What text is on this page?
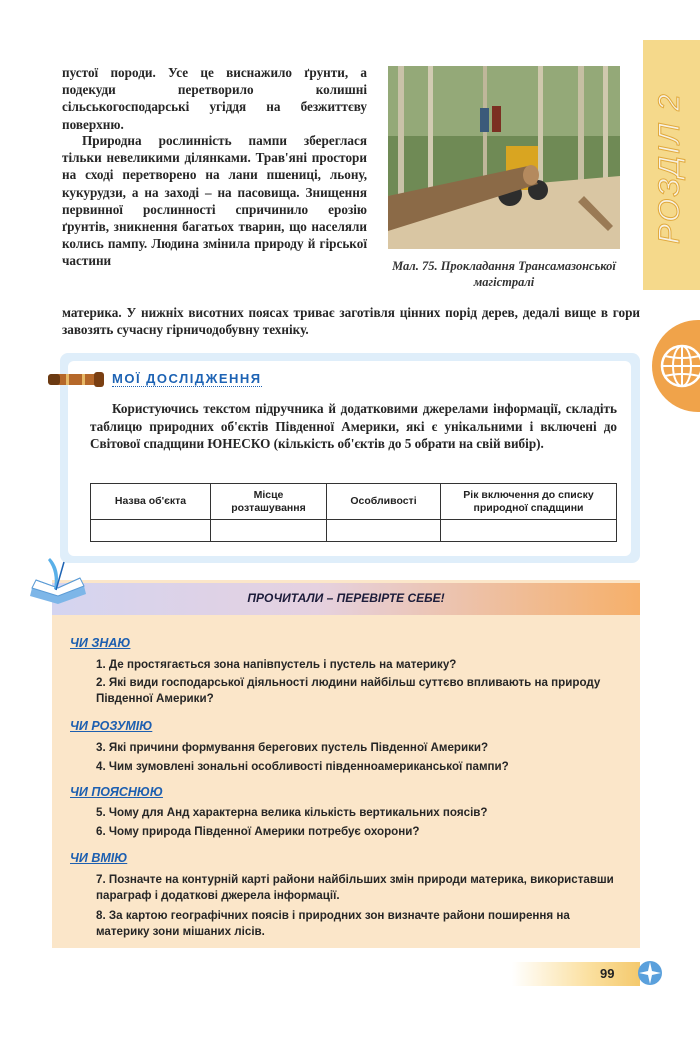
РОЗДІЛ 2

пустої породи. Усе це виснажило ґрунти, а подекуди перетворило колишні сільськогосподарські угіддя на безжиттєву поверхню.

Природна рослинність пампи збереглася тільки невеликими ділянками. Трав'яні простори на сході перетворено на лани пшениці, льону, кукурудзи, а на заході – на пасовища. Знищення первинної рослинності спричинило ерозію ґрунтів, зникнення багатьох тварин, що населяли колись пампу. Людина змінила природу й гірської частини

материка. У нижніх висотних поясах триває заготівля цінних порід дерев, дедалі вище в гори завозять сучасну гірничодобувну техніку.

Мал. 75. Прокладання Трансамазонської магістралі
МОЇ ДОСЛІДЖЕННЯ

Користуючись текстом підручника й додатковими джерелами інформації, складіть таблицю природних об'єктів Південної Америки, які є унікальними і включені до Світової спадщини ЮНЕСКО (кількість об'єктів до 5 обрати на свій вибір).

Назва об'єкта	Місце розташування	Особливості	Рік включення до списку природної спадщини

ПРОЧИТАЛИ – ПЕРЕВІРТЕ СЕБЕ!
ЧИ ЗНАЮ
1. Де простягається зона напівпустель і пустель на материку?
2. Які види господарської діяльності людини найбільш суттєво впливають на природу Південної Америки?
ЧИ РОЗУМІЮ
3. Які причини формування берегових пустель Південної Америки?
4. Чим зумовлені зональні особливості південноамериканської пампи?
ЧИ ПОЯСНЮЮ
5. Чому для Анд характерна велика кількість вертикальних поясів?
6. Чому природа Південної Америки потребує охорони?
ЧИ ВМІЮ
7. Позначте на контурній карті райони найбільших змін природи материка, використавши параграф і додаткові джерела інформації.
8. За картою географічних поясів і природних зон визначте райони поширення на материку зони мішаних лісів.
99
